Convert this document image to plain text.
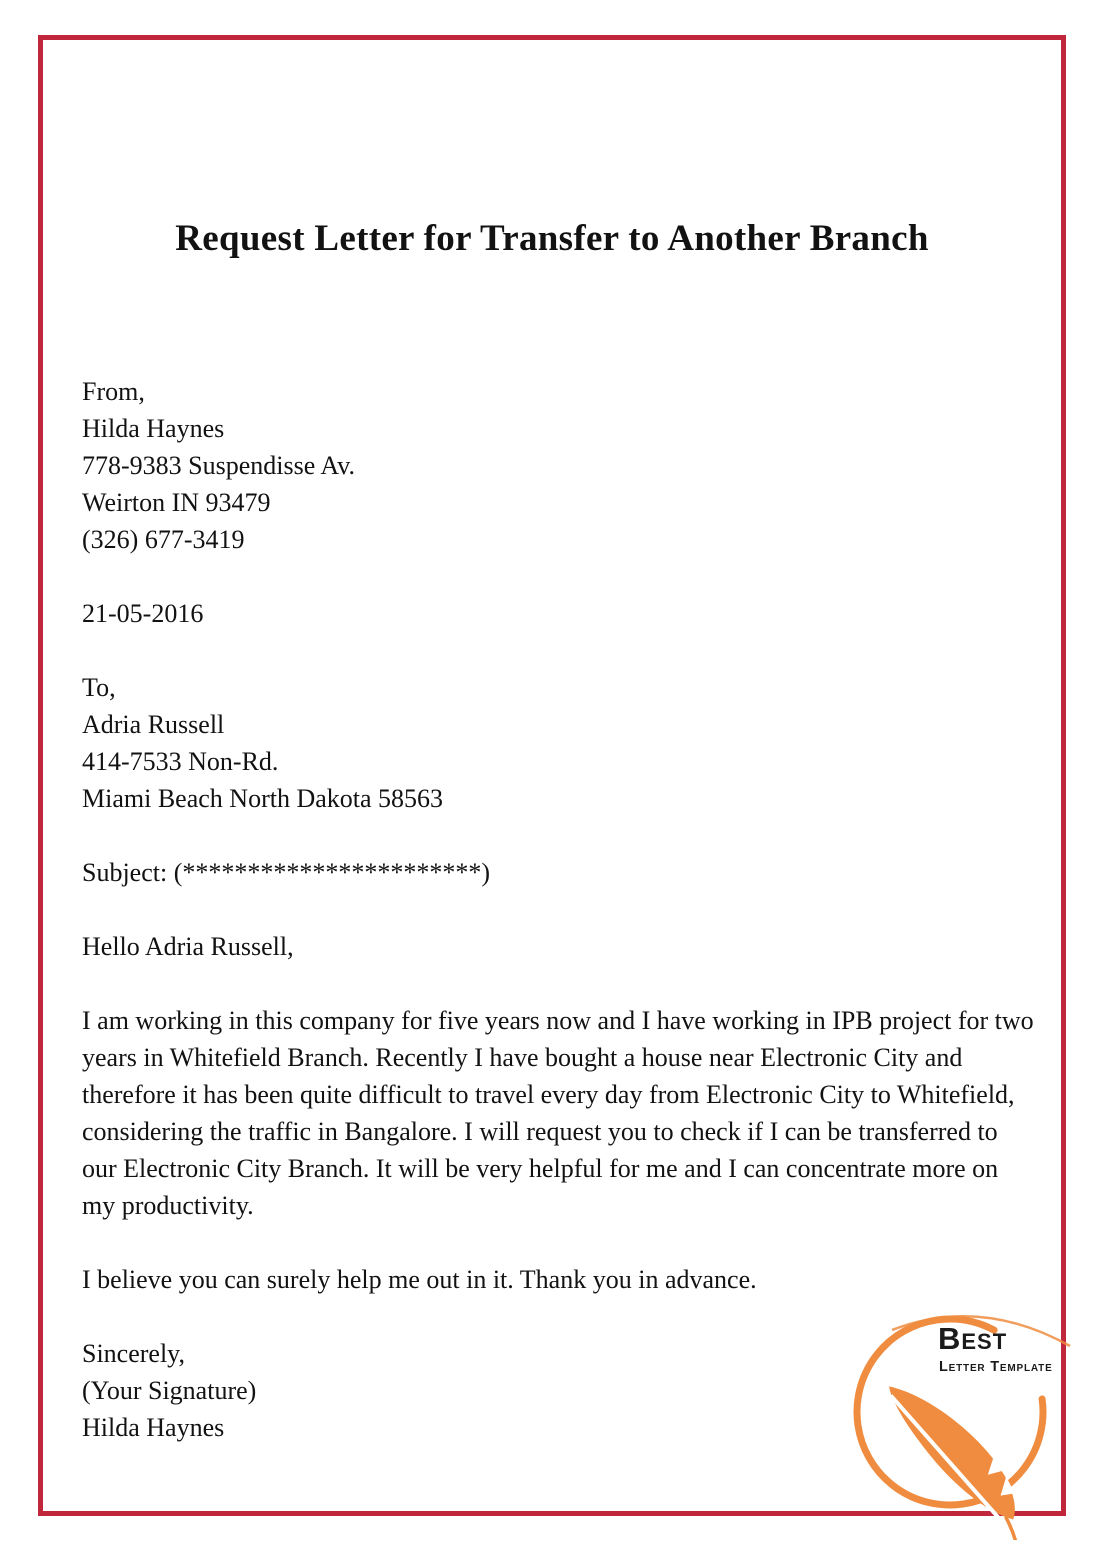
Request Letter for Transfer to Another Branch
From,
Hilda Haynes
778-9383 Suspendisse Av.
Weirton IN 93479
(326) 677-3419
21-05-2016
To,
Adria Russell
414-7533 Non-Rd.
Miami Beach North Dakota 58563
Subject: (***********************)
Hello Adria Russell,

I am working in this company for five years now and I have working in IPB project for two years in Whitefield Branch. Recently I have bought a house near Electronic City and therefore it has been quite difficult to travel every day from Electronic City to Whitefield, considering the traffic in Bangalore. I will request you to check if I can be transferred to our Electronic City Branch. It will be very helpful for me and I can concentrate more on my productivity.

I believe you can surely help me out in it. Thank you in advance.

Sincerely,
(Your Signature)
Hilda Haynes
Best
Letter Template
